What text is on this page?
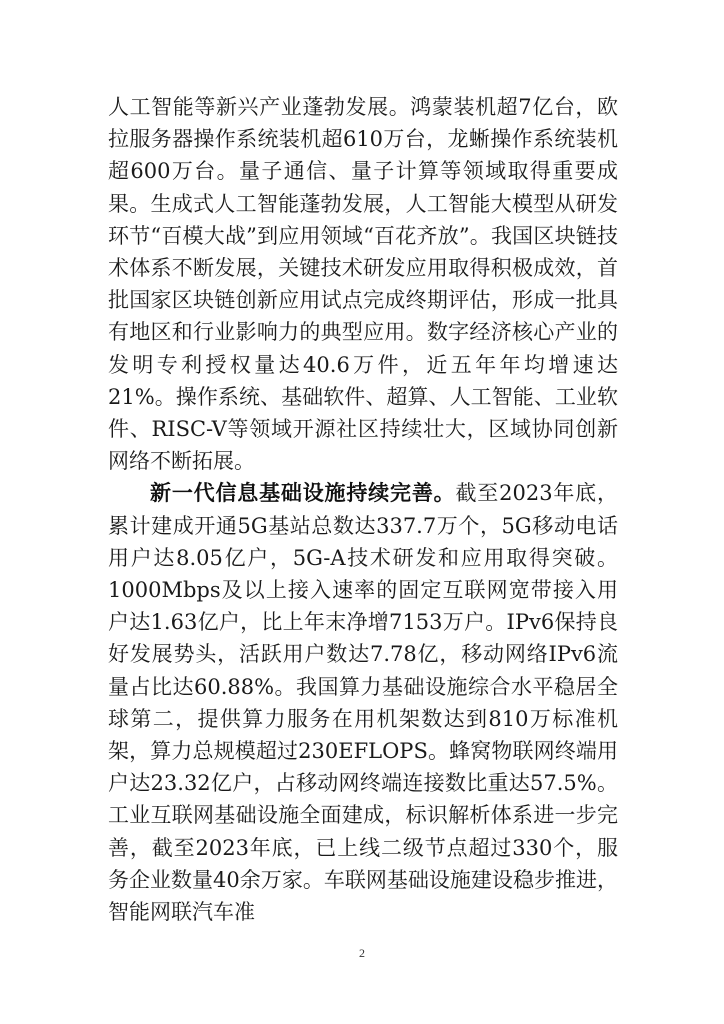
人工智能等新兴产业蓬勃发展。鸿蒙装机超7亿台，欧拉服务器操作系统装机超610万台，龙蜥操作系统装机超600万台。量子通信、量子计算等领域取得重要成果。生成式人工智能蓬勃发展，人工智能大模型从研发环节“百模大战”到应用领域“百花齐放”。我国区块链技术体系不断发展，关键技术研发应用取得积极成效，首批国家区块链创新应用试点完成终期评估，形成一批具有地区和行业影响力的典型应用。数字经济核心产业的发明专利授权量达40.6万件，近五年年均增速达21%。操作系统、基础软件、超算、人工智能、工业软件、RISC-V等领域开源社区持续壮大，区域协同创新网络不断拓展。

新一代信息基础设施持续完善。截至2023年底，累计建成开通5G基站总数达337.7万个，5G移动电话用户达8.05亿户，5G-A技术研发和应用取得突破。1000Mbps及以上接入速率的固定互联网宽带接入用户达1.63亿户，比上年末净增7153万户。IPv6保持良好发展势头，活跃用户数达7.78亿，移动网络IPv6流量占比达60.88%。我国算力基础设施综合水平稳居全球第二，提供算力服务在用机架数达到810万标准机架，算力总规模超过230EFLOPS。蜂窝物联网终端用户达23.32亿户，占移动网终端连接数比重达57.5%。工业互联网基础设施全面建成，标识解析体系进一步完善，截至2023年底，已上线二级节点超过330个，服务企业数量40余万家。车联网基础设施建设稳步推进，智能网联汽车准

2
